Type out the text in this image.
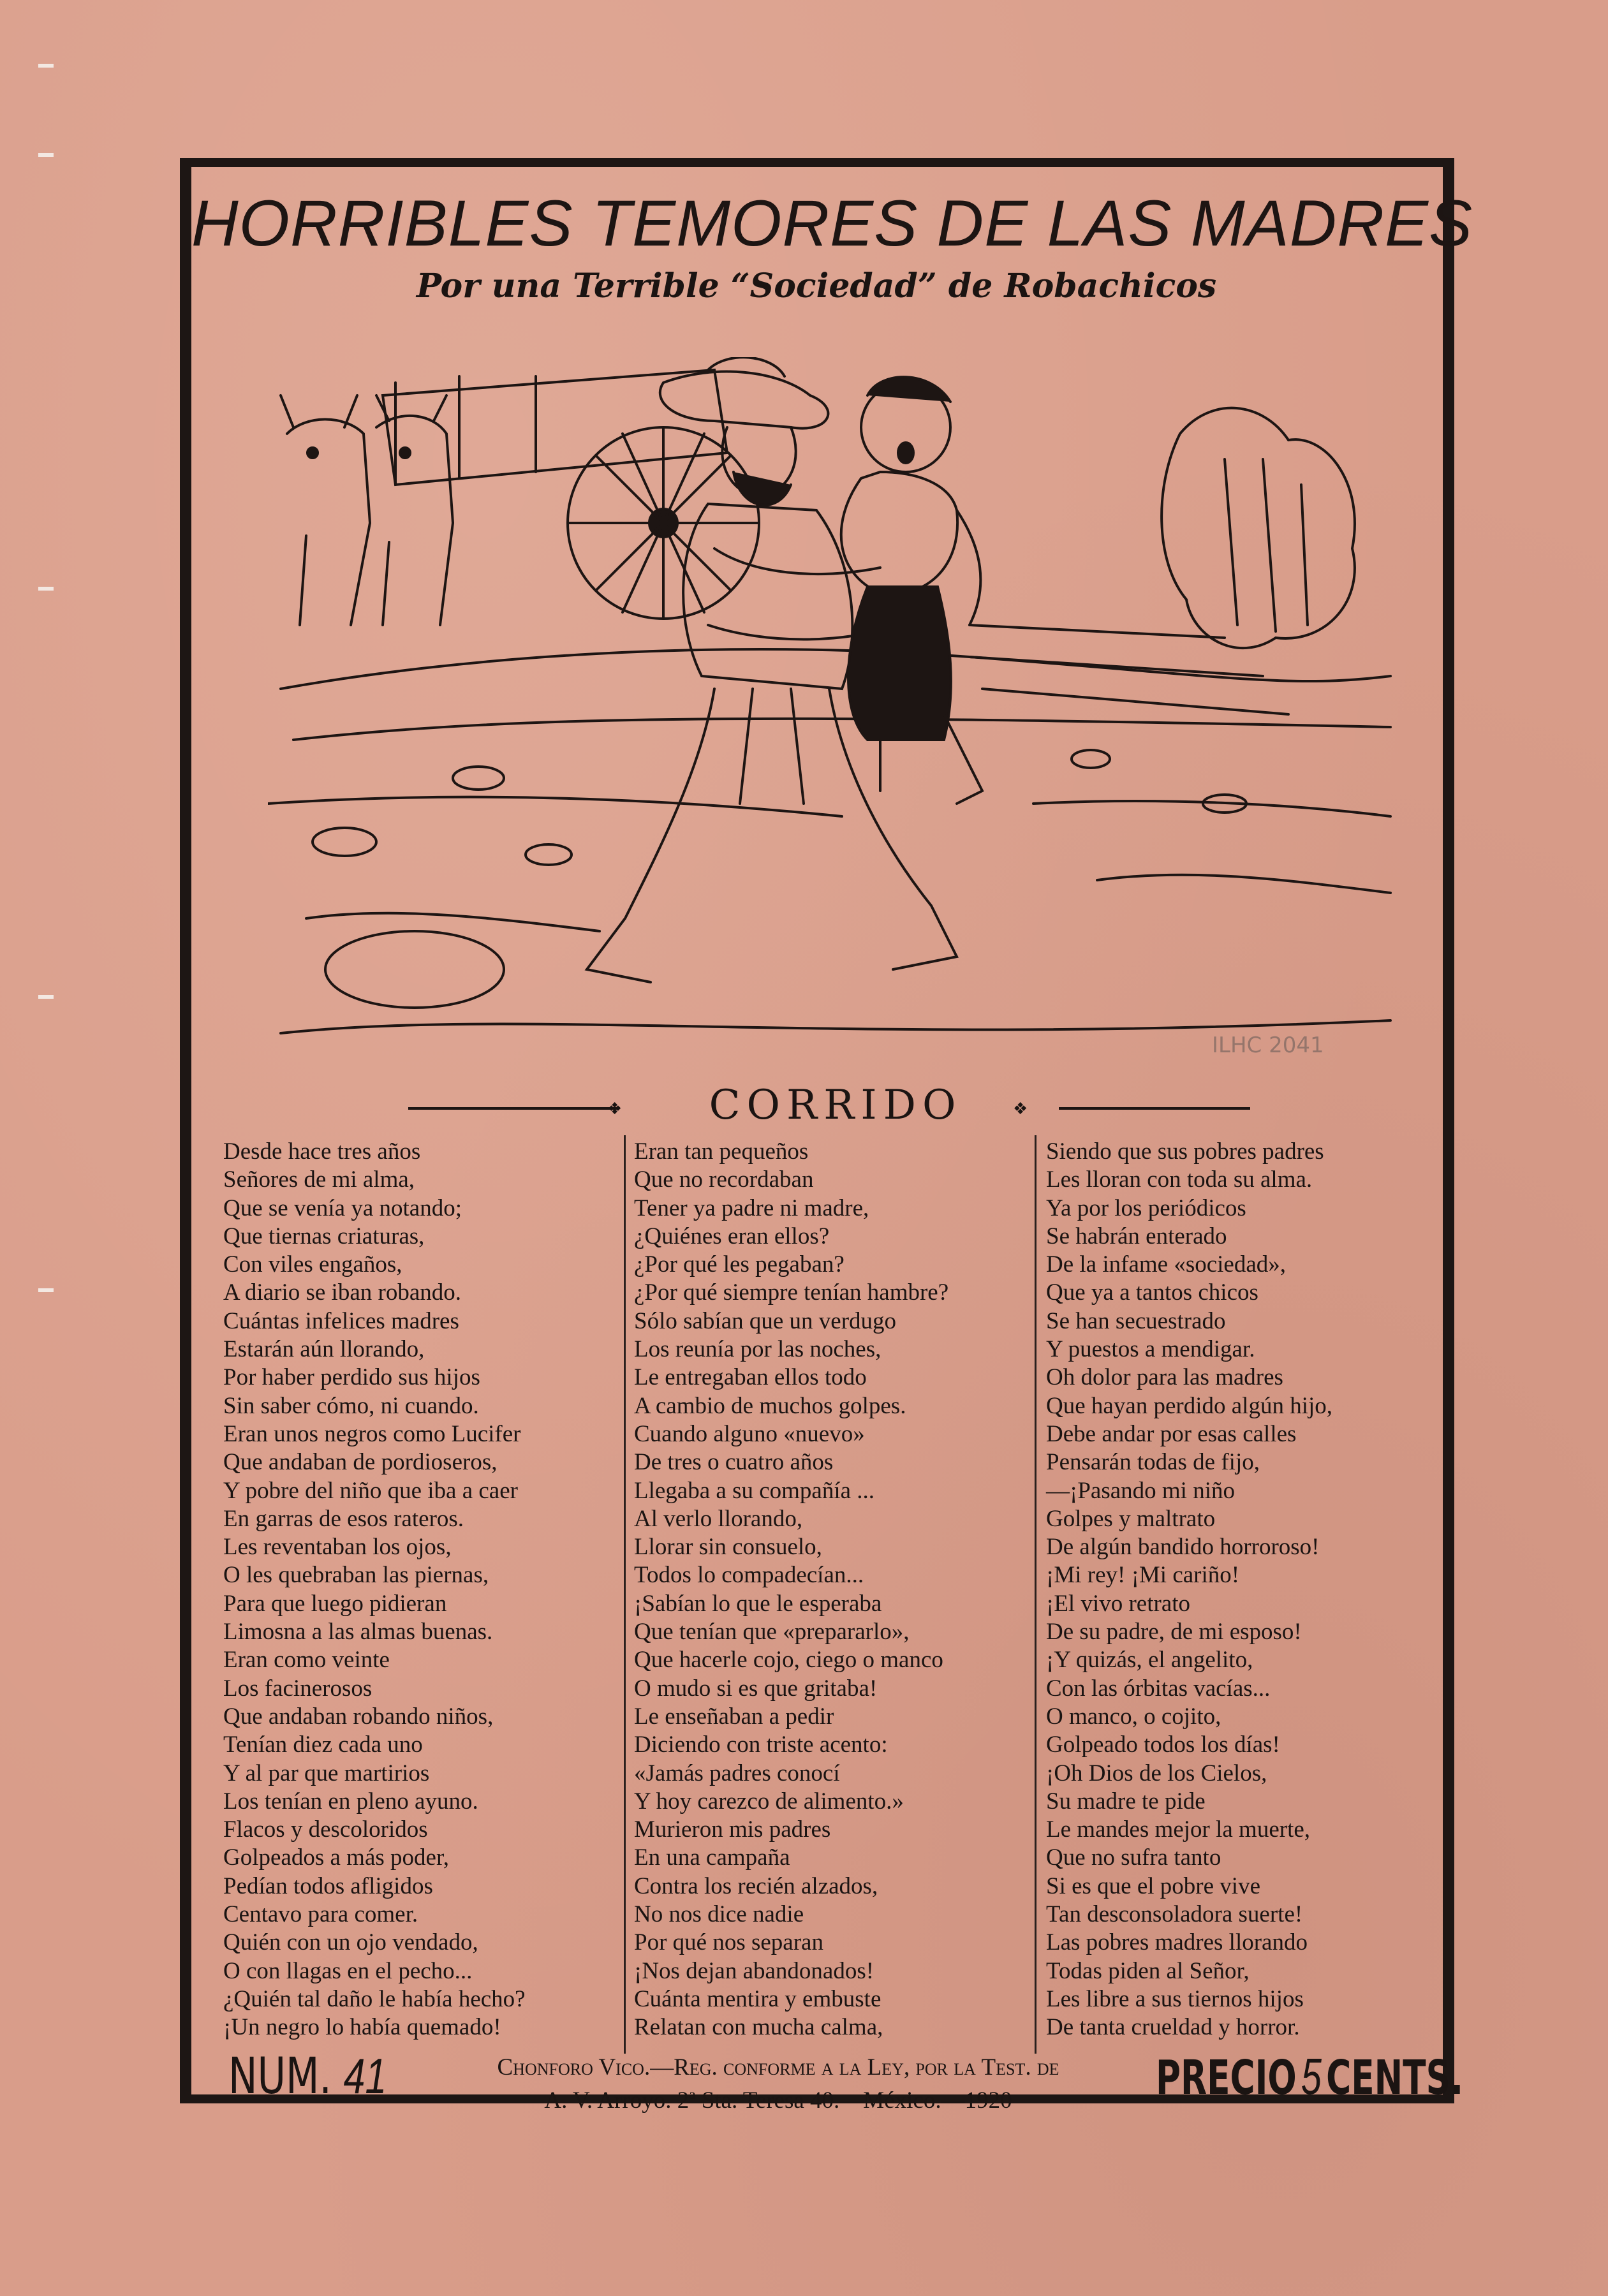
HORRIBLES TEMORES DE LAS MADRES
Por una Terrible “Sociedad” de Robachicos
ILHC 2041
❖	CORRIDO	❖
Desde hace tres años
Señores de mi alma,
Que se venía ya notando;
Que tiernas criaturas,
Con viles engaños,
A diario se iban robando.
Cuántas infelices madres
Estarán aún llorando,
Por haber perdido sus hijos
Sin saber cómo, ni cuando.
Eran unos negros como Lucifer
Que andaban de pordioseros,
Y pobre del niño que iba a caer
En garras de esos rateros.
Les reventaban los ojos,
O les quebraban las piernas,
Para que luego pidieran
Limosna a las almas buenas.
Eran como veinte
Los facinerosos
Que andaban robando niños,
Tenían diez cada uno
Y al par que martirios
Los tenían en pleno ayuno.
Flacos y descoloridos
Golpeados a más poder,
Pedían todos afligidos
Centavo para comer.
Quién con un ojo vendado,
O con llagas en el pecho...
¿Quién tal daño le había hecho?
¡Un negro lo había quemado!
Eran tan pequeños
Que no recordaban
Tener ya padre ni madre,
¿Quiénes eran ellos?
¿Por qué les pegaban?
¿Por qué siempre tenían hambre?
Sólo sabían que un verdugo
Los reunía por las noches,
Le entregaban ellos todo
A cambio de muchos golpes.
Cuando alguno «nuevo»
De tres o cuatro años
Llegaba a su compañía ...
Al verlo llorando,
Llorar sin consuelo,
Todos lo compadecían...
¡Sabían lo que le esperaba
Que tenían que «prepararlo»,
Que hacerle cojo, ciego o manco
O mudo si es que gritaba!
Le enseñaban a pedir
Diciendo con triste acento:
«Jamás padres conocí
Y hoy carezco de alimento.»
Murieron mis padres
En una campaña
Contra los recién alzados,
No nos dice nadie
Por qué nos separan
¡Nos dejan abandonados!
Cuánta mentira y embuste
Relatan con mucha calma,
Siendo que sus pobres padres
Les lloran con toda su alma.
Ya por los periódicos
Se habrán enterado
De la infame «sociedad»,
Que ya a tantos chicos
Se han secuestrado
Y puestos a mendigar.
Oh dolor para las madres
Que hayan perdido algún hijo,
Debe andar por esas calles
Pensarán todas de fijo,
—¡Pasando mi niño
Golpes y maltrato
De algún bandido horroroso!
¡Mi rey! ¡Mi cariño!
¡El vivo retrato
De su padre, de mi esposo!
¡Y quizás, el angelito,
Con las órbitas vacías...
O manco, o cojito,
Golpeado todos los días!
¡Oh Dios de los Cielos,
Su madre te pide
Le mandes mejor la muerte,
Que no sufra tanto
Si es que el pobre vive
Tan desconsoladora suerte!
Las pobres madres llorando
Todas piden al Señor,
Les libre a sus tiernos hijos
De tanta crueldad y horror.
NUM. 41	Chonforo Vico.—Reg. conforme a la Ley, por la Test. de
A. V. Arroyo. 2ª Sta. Teresa 40.—México.—1920	PRECIO5CENTS.
